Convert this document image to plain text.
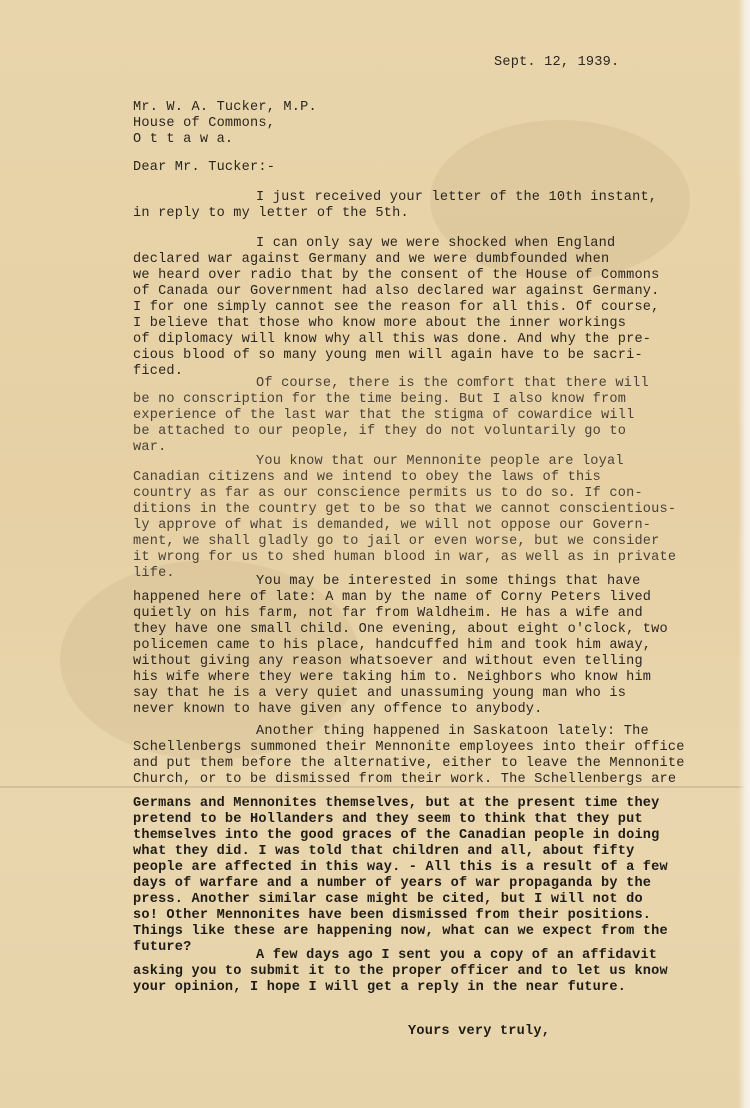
Sept. 12, 1939.
Mr. W. A. Tucker, M.P.
House of Commons,
O t t a w a.
Dear Mr. Tucker:-
I just received your letter of the 10th instant,
in reply to my letter of the 5th.
I can only say we were shocked when England
declared war against Germany and we were dumbfounded when
we heard over radio that by the consent of the House of Commons
of Canada our Government had also declared war against Germany.
I for one simply cannot see the reason for all this. Of course,
I believe that those who know more about the inner workings
of diplomacy will know why all this was done. And why the pre-
cious blood of so many young men will again have to be sacri-
ficed.
Of course, there is the comfort that there will
be no conscription for the time being. But I also know from
experience of the last war that the stigma of cowardice will
be attached to our people, if they do not voluntarily go to
war.
You know that our Mennonite people are loyal
Canadian citizens and we intend to obey the laws of this
country as far as our conscience permits us to do so. If con-
ditions in the country get to be so that we cannot conscientious-
ly approve of what is demanded, we will not oppose our Govern-
ment, we shall gladly go to jail or even worse, but we consider
it wrong for us to shed human blood in war, as well as in private
life.
You may be interested in some things that have
happened here of late: A man by the name of Corny Peters lived
quietly on his farm, not far from Waldheim. He has a wife and
they have one small child. One evening, about eight o'clock, two
policemen came to his place, handcuffed him and took him away,
without giving any reason whatsoever and without even telling
his wife where they were taking him to. Neighbors who know him
say that he is a very quiet and unassuming young man who is
never known to have given any offence to anybody.
Another thing happened in Saskatoon lately: The
Schellenbergs summoned their Mennonite employees into their office
and put them before the alternative, either to leave the Mennonite
Church, or to be dismissed from their work. The Schellenbergs are
Germans and Mennonites themselves, but at the present time they
pretend to be Hollanders and they seem to think that they put
themselves into the good graces of the Canadian people in doing
what they did. I was told that children and all, about fifty
people are affected in this way. - All this is a result of a few
days of warfare and a number of years of war propaganda by the
press. Another similar case might be cited, but I will not do
so! Other Mennonites have been dismissed from their positions.
Things like these are happening now, what can we expect from the
future?
A few days ago I sent you a copy of an affidavit
asking you to submit it to the proper officer and to let us know
your opinion, I hope I will get a reply in the near future.
Yours very truly,
